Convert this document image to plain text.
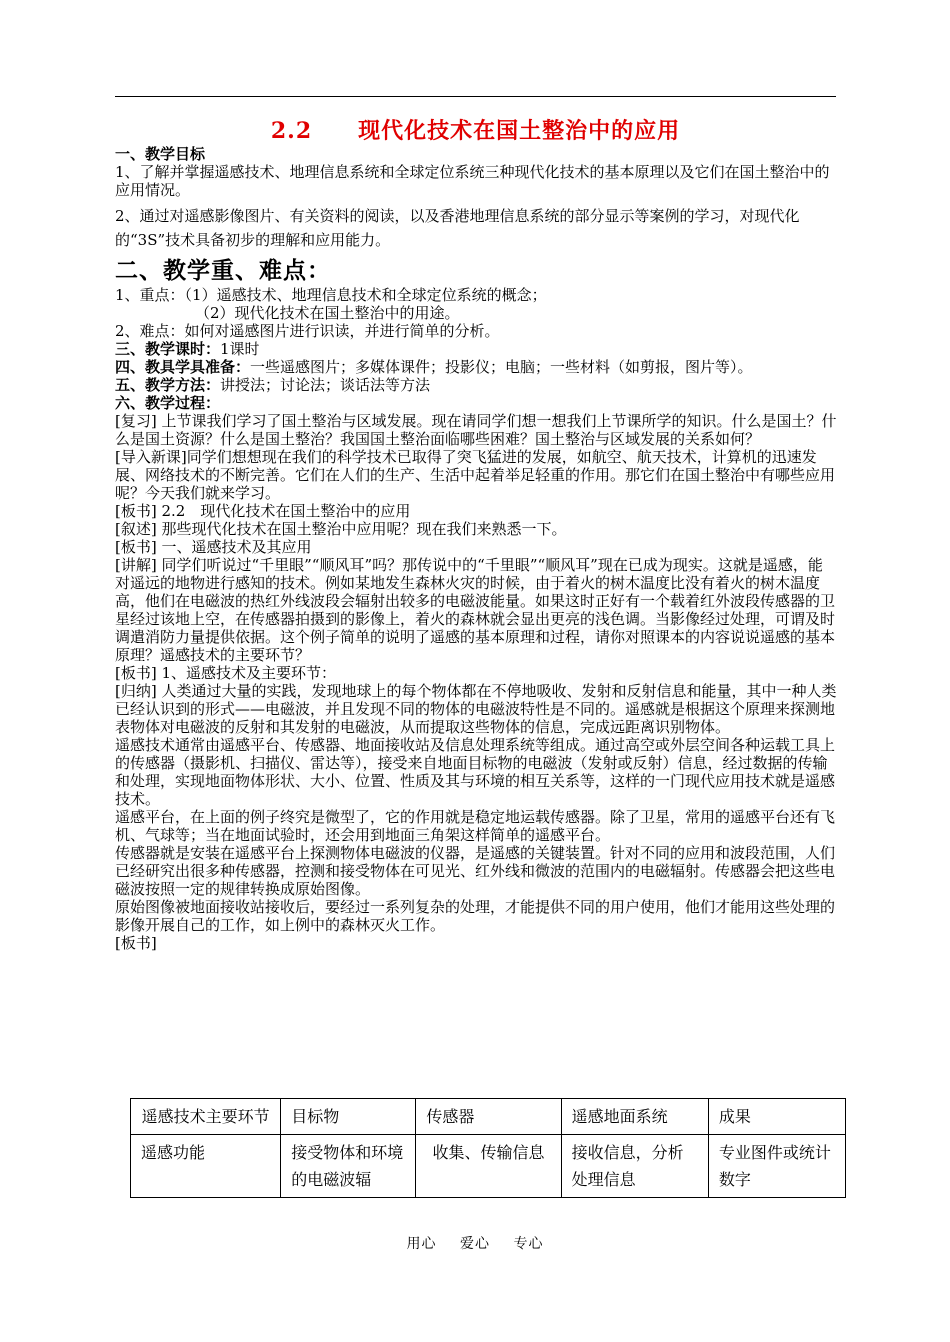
2.2　　现代化技术在国土整治中的应用

一、教学目标

1、了解并掌握遥感技术、地理信息系统和全球定位系统三种现代化技术的基本原理以及它们在国土整治中的应用情况。

2、通过对遥感影像图片、有关资料的阅读，以及香港地理信息系统的部分显示等案例的学习，对现代化的“3S”技术具备初步的理解和应用能力。

二、教学重、难点：

1、重点：（1）遥感技术、地理信息技术和全球定位系统的概念；

（2）现代化技术在国土整治中的用途。

2、难点：如何对遥感图片进行识读，并进行简单的分析。

三、教学课时：1课时

四、教具学具准备：一些遥感图片；多媒体课件；投影仪；电脑；一些材料（如剪报，图片等）。

五、教学方法：讲授法；讨论法；谈话法等方法

六、教学过程：

[复习] 上节课我们学习了国土整治与区域发展。现在请同学们想一想我们上节课所学的知识。什么是国土？什么是国土资源？什么是国土整治？我国国土整治面临哪些困难？国土整治与区域发展的关系如何？

[导入新课]同学们想想现在我们的科学技术已取得了突飞猛进的发展，如航空、航天技术，计算机的迅速发展、网络技术的不断完善。它们在人们的生产、生活中起着举足轻重的作用。那它们在国土整治中有哪些应用呢？今天我们就来学习。

[板书] 2.2　现代化技术在国土整治中的应用

[叙述] 那些现代化技术在国土整治中应用呢？现在我们来熟悉一下。

[板书] 一、遥感技术及其应用

[讲解] 同学们听说过“千里眼”“顺风耳”吗？那传说中的“千里眼”“顺风耳”现在已成为现实。这就是遥感，能对遥远的地物进行感知的技术。例如某地发生森林火灾的时候，由于着火的树木温度比没有着火的树木温度高，他们在电磁波的热红外线波段会辐射出较多的电磁波能量。如果这时正好有一个载着红外波段传感器的卫星经过该地上空，在传感器拍摄到的影像上，着火的森林就会显出更亮的浅色调。当影像经过处理，可谓及时调遣消防力量提供依据。这个例子简单的说明了遥感的基本原理和过程，请你对照课本的内容说说遥感的基本原理？遥感技术的主要环节？

[板书] 1、遥感技术及主要环节：

[归纳] 人类通过大量的实践，发现地球上的每个物体都在不停地吸收、发射和反射信息和能量，其中一种人类已经认识到的形式——电磁波，并且发现不同的物体的电磁波特性是不同的。遥感就是根据这个原理来探测地表物体对电磁波的反射和其发射的电磁波，从而提取这些物体的信息，完成远距离识别物体。

遥感技术通常由遥感平台、传感器、地面接收站及信息处理系统等组成。通过高空或外层空间各种运载工具上的传感器（摄影机、扫描仪、雷达等），接受来自地面目标物的电磁波（发射或反射）信息，经过数据的传输和处理，实现地面物体形状、大小、位置、性质及其与环境的相互关系等，这样的一门现代应用技术就是遥感技术。

遥感平台，在上面的例子终究是微型了，它的作用就是稳定地运载传感器。除了卫星，常用的遥感平台还有飞机、气球等；当在地面试验时，还会用到地面三角架这样简单的遥感平台。

传感器就是安装在遥感平台上探测物体电磁波的仪器，是遥感的关键装置。针对不同的应用和波段范围，人们已经研究出很多种传感器，控测和接受物体在可见光、红外线和微波的范围内的电磁辐射。传感器会把这些电磁波按照一定的规律转换成原始图像。

原始图像被地面接收站接收后，要经过一系列复杂的处理，才能提供不同的用户使用，他们才能用这些处理的影像开展自己的工作，如上例中的森林灭火工作。

[板书]

遥感技术主要环节	目标物	传感器	遥感地面系统	成果
遥感功能	接受物体和环境的电磁波辐	收集、传输信息	接收信息，分析处理信息	专业图件或统计数字
用心 爱心 专心
